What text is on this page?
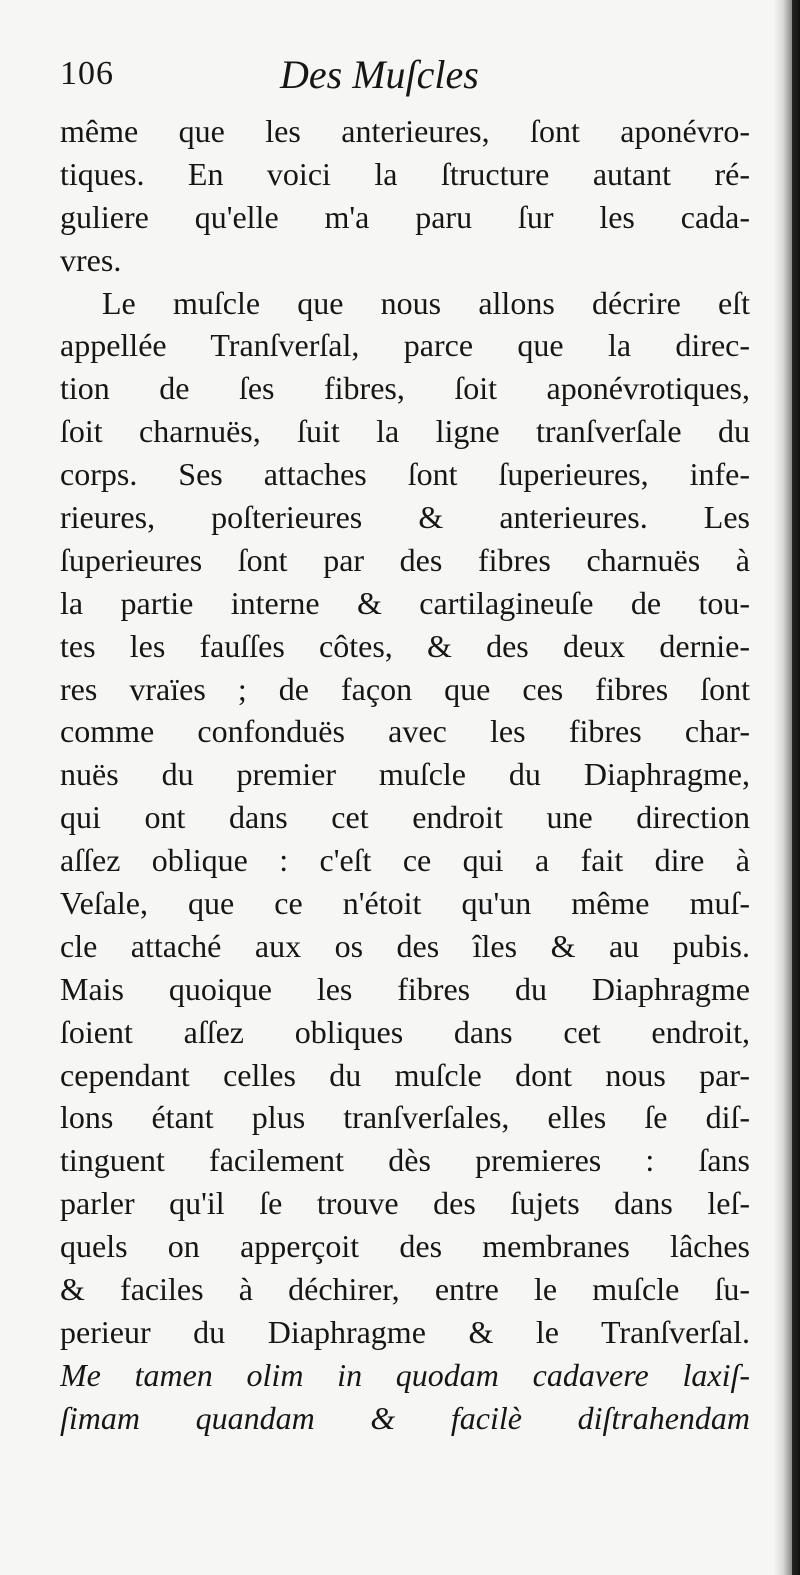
106	Des Muſcles
même que les anterieures, ſont aponévro-
tiques. En voici la ſtructure autant ré-
guliere qu'elle m'a paru ſur les cada-
vres.
Le muſcle que nous allons décrire eſt
appellée Tranſverſal, parce que la direc-
tion de ſes fibres, ſoit aponévrotiques,
ſoit charnuës, ſuit la ligne tranſverſale du
corps. Ses attaches ſont ſuperieures, infe-
rieures, poſterieures & anterieures. Les
ſuperieures ſont par des fibres charnuës à
la partie interne & cartilagineuſe de tou-
tes les fauſſes côtes, & des deux dernie-
res vraïes ; de façon que ces fibres ſont
comme confonduës avec les fibres char-
nuës du premier muſcle du Diaphragme,
qui ont dans cet endroit une direction
aſſez oblique : c'eſt ce qui a fait dire à
Veſale, que ce n'étoit qu'un même muſ-
cle attaché aux os des îles & au pubis.
Mais quoique les fibres du Diaphragme
ſoient aſſez obliques dans cet endroit,
cependant celles du muſcle dont nous par-
lons étant plus tranſverſales, elles ſe diſ-
tinguent facilement dès premieres : ſans
parler qu'il ſe trouve des ſujets dans leſ-
quels on apperçoit des membranes lâches
& faciles à déchirer, entre le muſcle ſu-
perieur du Diaphragme & le Tranſverſal.
Me tamen olim in quodam cadavere laxiſ-
ſimam quandam & facilè diſtrahendam
